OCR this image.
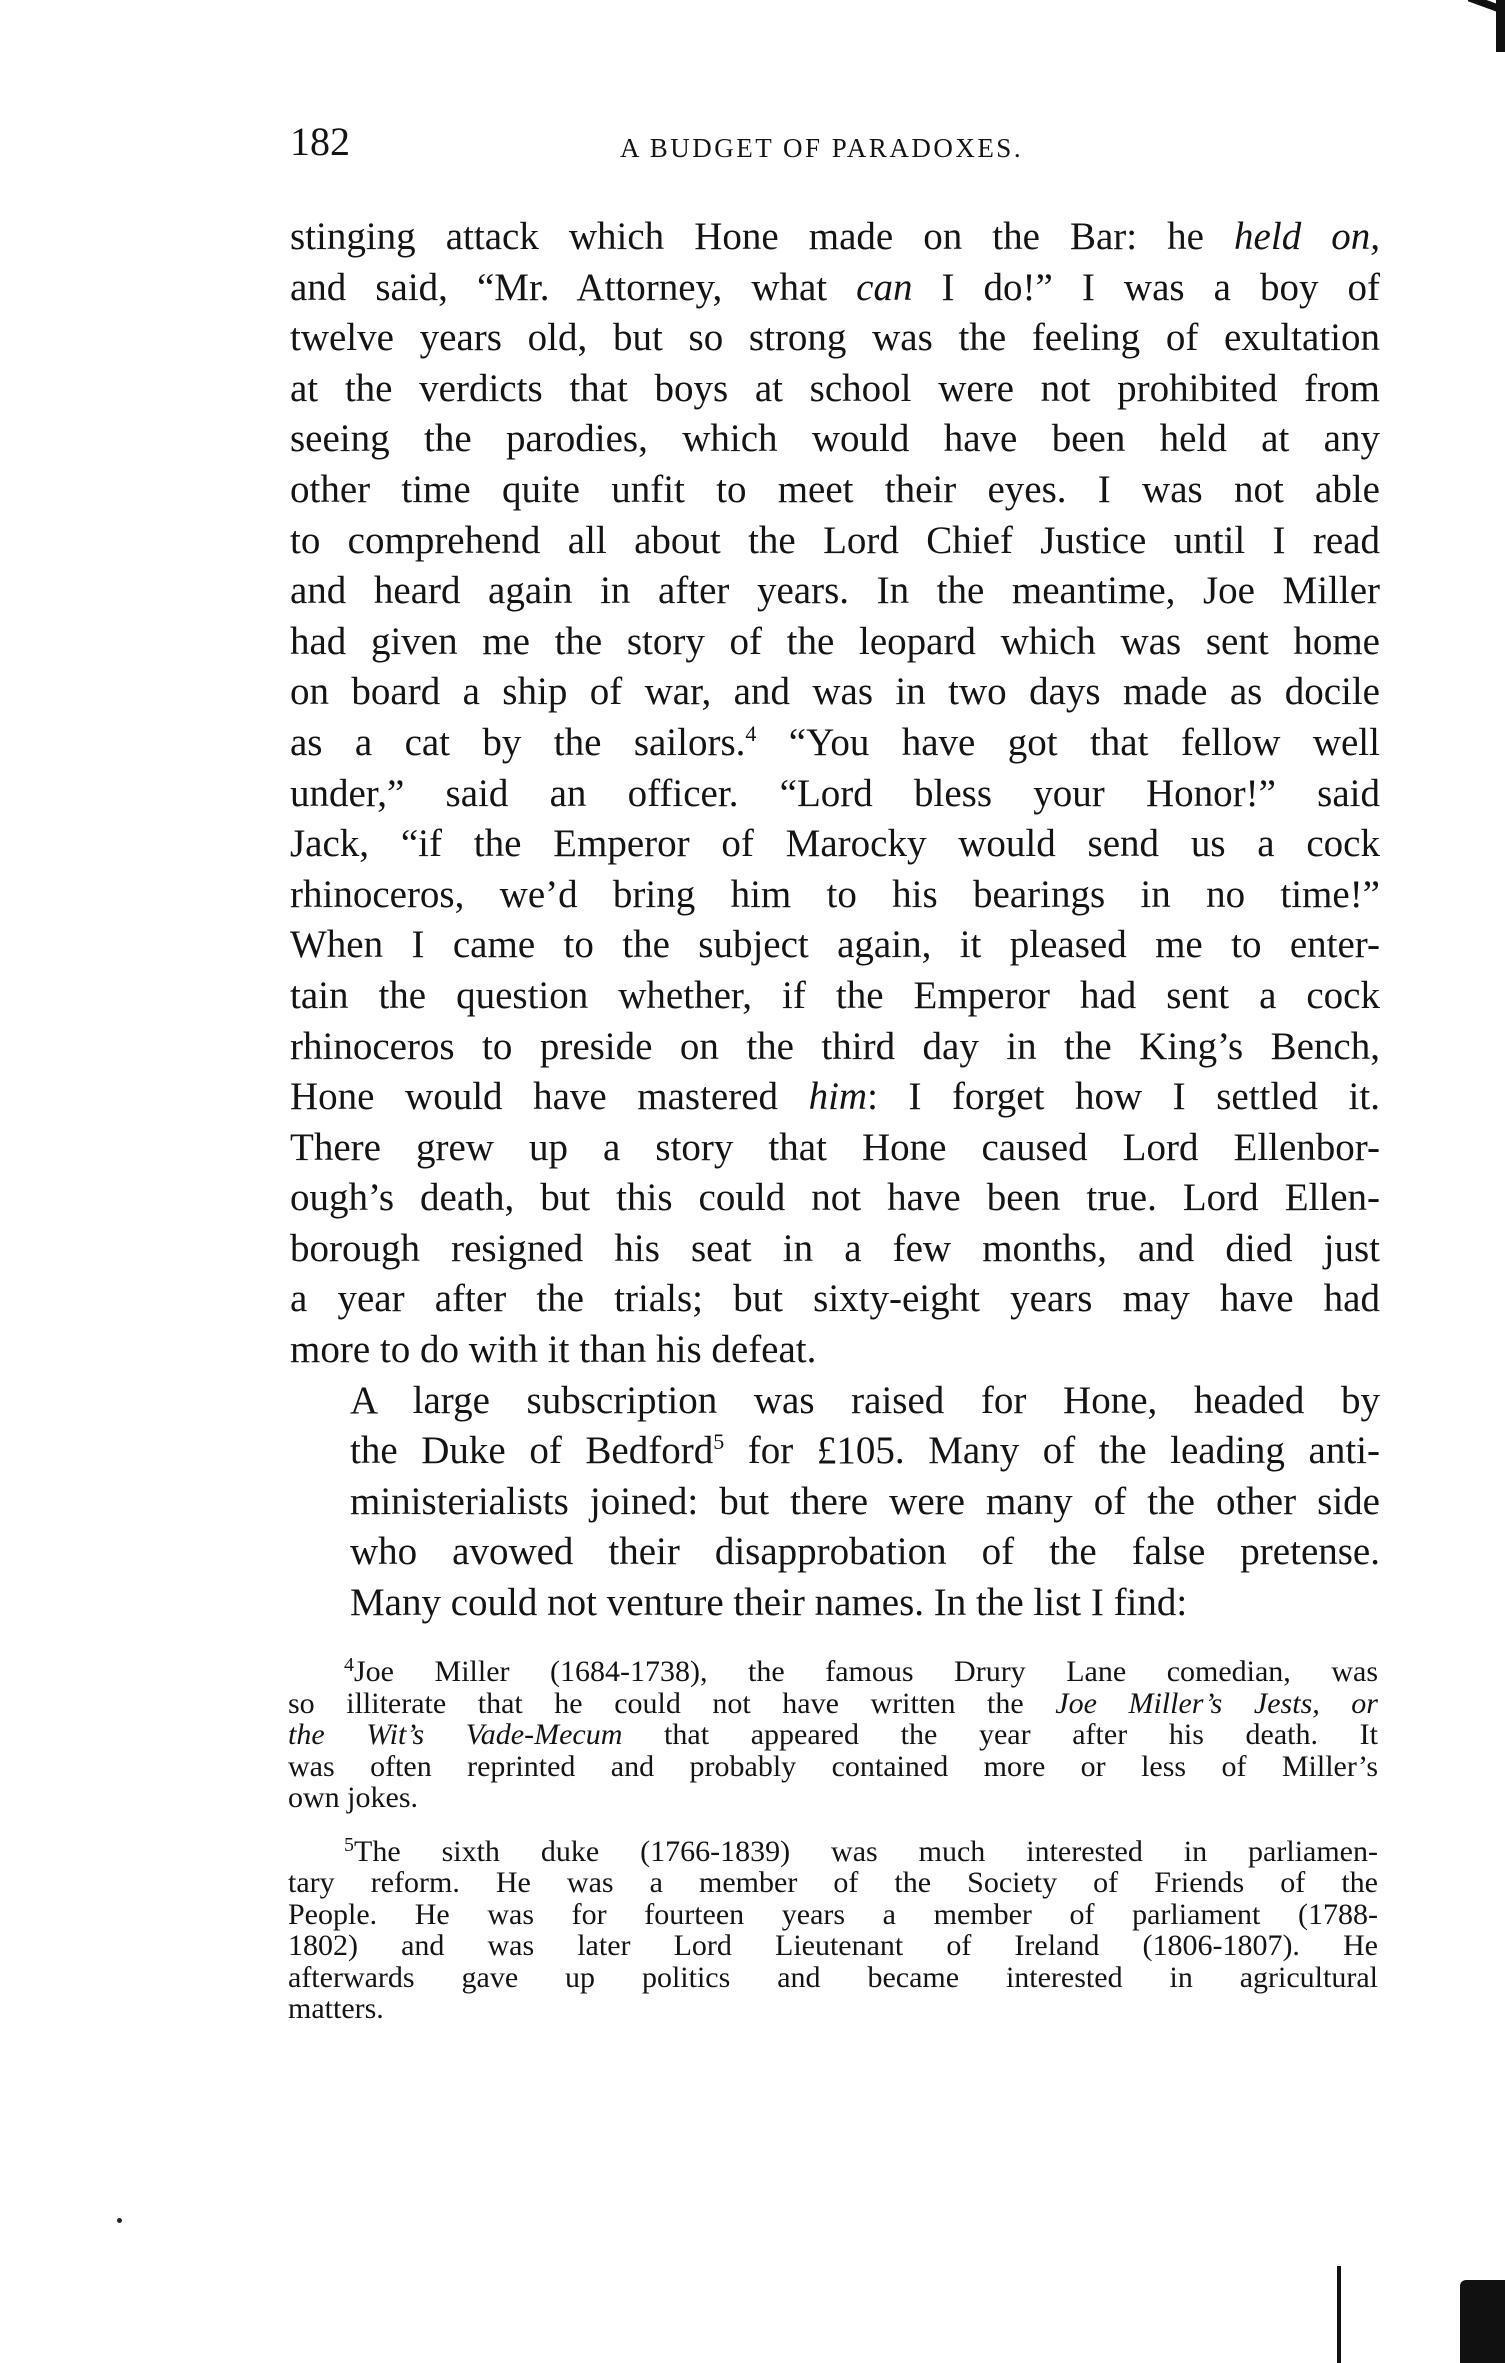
182	A BUDGET OF PARADOXES.

stinging attack which Hone made on the Bar: he held on,
and said, “Mr. Attorney, what can I do!” I was a boy of
twelve years old, but so strong was the feeling of exultation
at the verdicts that boys at school were not prohibited from
seeing the parodies, which would have been held at any
other time quite unfit to meet their eyes. I was not able
to comprehend all about the Lord Chief Justice until I read
and heard again in after years. In the meantime, Joe Miller
had given me the story of the leopard which was sent home
on board a ship of war, and was in two days made as docile
as a cat by the sailors.$^4$ “You have got that fellow well
under,” said an officer. “Lord bless your Honor!” said
Jack, “if the Emperor of Marocky would send us a cock
rhinoceros, we’d bring him to his bearings in no time!”
When I came to the subject again, it pleased me to enter-
tain the question whether, if the Emperor had sent a cock
rhinoceros to preside on the third day in the King’s Bench,
Hone would have mastered him: I forget how I settled it.
There grew up a story that Hone caused Lord Ellenbor-
ough’s death, but this could not have been true. Lord Ellen-
borough resigned his seat in a few months, and died just
a year after the trials; but sixty-eight years may have had
more to do with it than his defeat.

A large subscription was raised for Hone, headed by
the Duke of Bedford$^5$ for £105. Many of the leading anti-
ministerialists joined: but there were many of the other side
who avowed their disapprobation of the false pretense.
Many could not venture their names. In the list I find:

$^4$Joe Miller (1684-1738), the famous Drury Lane comedian, was
so illiterate that he could not have written the Joe Miller’s Jests, or
the Wit’s Vade-Mecum that appeared the year after his death. It
was often reprinted and probably contained more or less of Miller’s
own jokes.
$^5$The sixth duke (1766-1839) was much interested in parliamen-
tary reform. He was a member of the Society of Friends of the
People. He was for fourteen years a member of parliament (1788-
1802) and was later Lord Lieutenant of Ireland (1806-1807). He
afterwards gave up politics and became interested in agricultural
matters.
